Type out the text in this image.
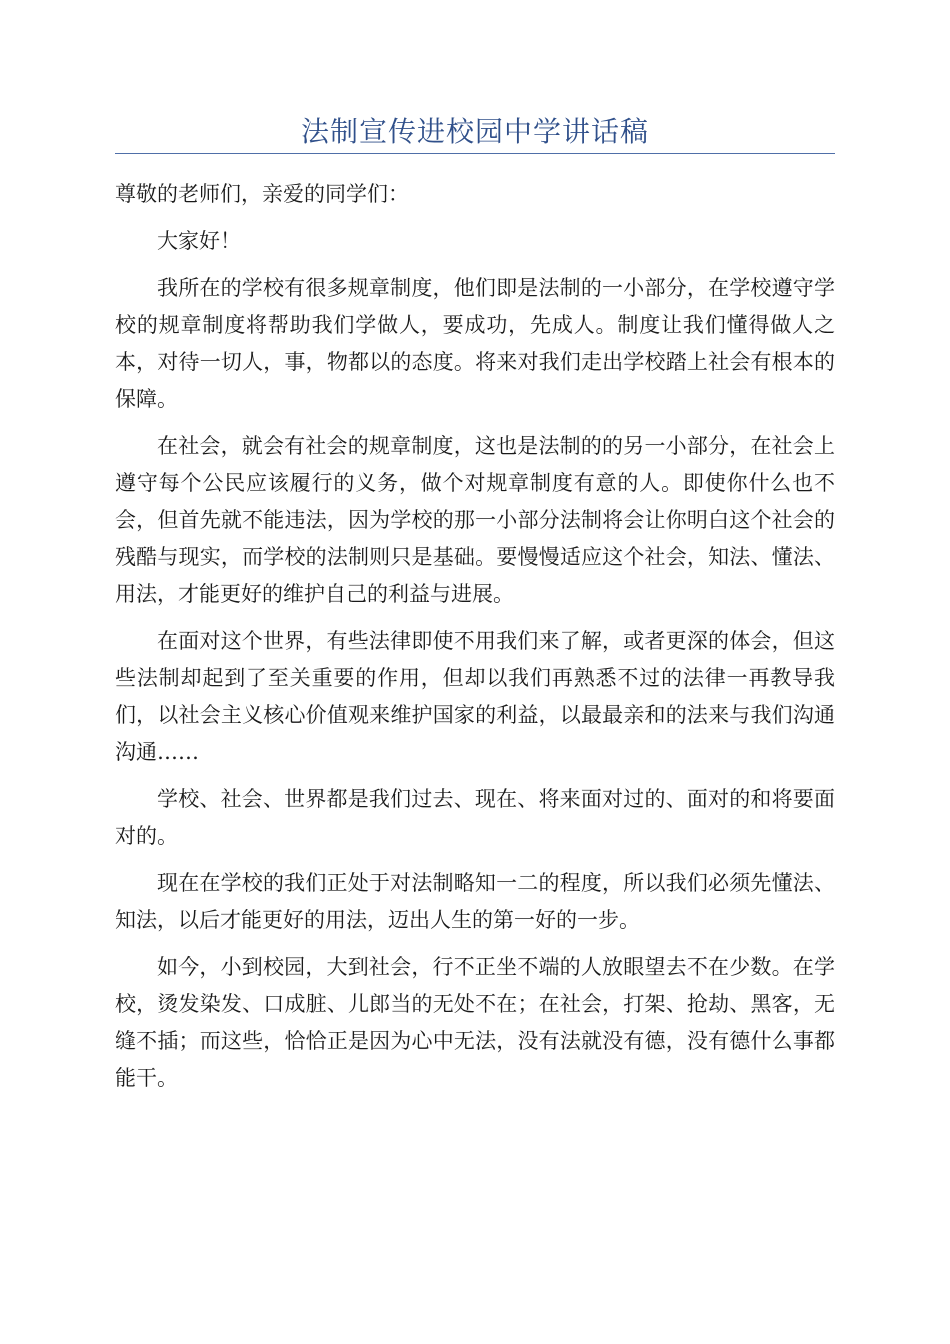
法制宣传进校园中学讲话稿

尊敬的老师们，亲爱的同学们：

大家好！

我所在的学校有很多规章制度，他们即是法制的一小部分，在学校遵守学校的规章制度将帮助我们学做人，要成功，先成人。制度让我们懂得做人之本，对待一切人，事，物都以的态度。将来对我们走出学校踏上社会有根本的保障。

在社会，就会有社会的规章制度，这也是法制的的另一小部分，在社会上遵守每个公民应该履行的义务，做个对规章制度有意的人。即使你什么也不会，但首先就不能违法，因为学校的那一小部分法制将会让你明白这个社会的残酷与现实，而学校的法制则只是基础。要慢慢适应这个社会，知法、懂法、用法，才能更好的维护自己的利益与进展。

在面对这个世界，有些法律即使不用我们来了解，或者更深的体会，但这些法制却起到了至关重要的作用，但却以我们再熟悉不过的法律一再教导我们，以社会主义核心价值观来维护国家的利益，以最最亲和的法来与我们沟通沟通……

学校、社会、世界都是我们过去、现在、将来面对过的、面对的和将要面对的。

现在在学校的我们正处于对法制略知一二的程度，所以我们必须先懂法、知法，以后才能更好的用法，迈出人生的第一好的一步。

如今，小到校园，大到社会，行不正坐不端的人放眼望去不在少数。在学校，烫发染发、口成脏、儿郎当的无处不在；在社会，打架、抢劫、黑客，无缝不插；而这些，恰恰正是因为心中无法，没有法就没有德，没有德什么事都能干。
